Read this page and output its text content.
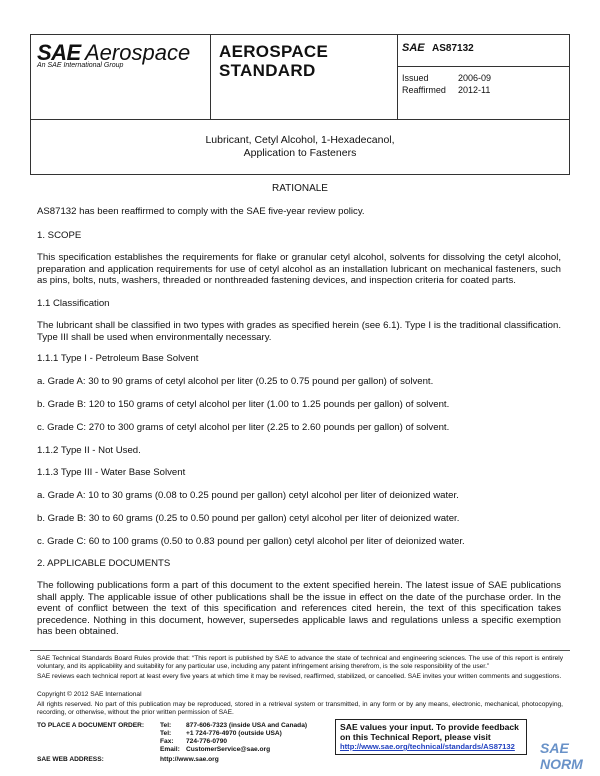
SAE Aerospace
An SAE International Group
AEROSPACE
STANDARD
SAE AS87132
Issued	2006-09
Reaffirmed 2012-11
Lubricant, Cetyl Alcohol, 1-Hexadecanol,
Application to Fasteners
RATIONALE
AS87132 has been reaffirmed to comply with the SAE five-year review policy.
1. SCOPE
This specification establishes the requirements for flake or granular cetyl alcohol, solvents for dissolving the cetyl alcohol, preparation and application requirements for use of cetyl alcohol as an installation lubricant on mechanical fasteners, such as pins, bolts, nuts, washers, threaded or nonthreaded fastening devices, and inspection criteria for coated parts.
1.1 Classification
The lubricant shall be classified in two types with grades as specified herein (see 6.1). Type I is the traditional classification. Type III shall be used when environmentally necessary.
1.1.1 Type I - Petroleum Base Solvent
a. Grade A: 30 to 90 grams of cetyl alcohol per liter (0.25 to 0.75 pound per gallon) of solvent.
b. Grade B: 120 to 150 grams of cetyl alcohol per liter (1.00 to 1.25 pounds per gallon) of solvent.
c. Grade C: 270 to 300 grams of cetyl alcohol per liter (2.25 to 2.60 pounds per gallon) of solvent.
1.1.2 Type II - Not Used.
1.1.3 Type III - Water Base Solvent
a. Grade A: 10 to 30 grams (0.08 to 0.25 pound per gallon) cetyl alcohol per liter of deionized water.
b. Grade B: 30 to 60 grams (0.25 to 0.50 pound per gallon) cetyl alcohol per liter of deionized water.
c. Grade C: 60 to 100 grams (0.50 to 0.83 pound per gallon) cetyl alcohol per liter of deionized water.
2. APPLICABLE DOCUMENTS
The following publications form a part of this document to the extent specified herein. The latest issue of SAE publications shall apply. The applicable issue of other publications shall be the issue in effect on the date of the purchase order. In the event of conflict between the text of this specification and references cited herein, the text of this specification takes precedence. Nothing in this document, however, supersedes applicable laws and regulations unless a specific exemption has been obtained.
SAE Technical Standards Board Rules provide that: “This report is published by SAE to advance the state of technical and engineering sciences. The use of this report is entirely voluntary, and its applicability and suitability for any particular use, including any patent infringement arising therefrom, is the sole responsibility of the user.”
SAE reviews each technical report at least every five years at which time it may be revised, reaffirmed, stabilized, or cancelled. SAE invites your written comments and suggestions.
Copyright © 2012 SAE International
All rights reserved. No part of this publication may be reproduced, stored in a retrieval system or transmitted, in any form or by any means, electronic, mechanical, photocopying, recording, or otherwise, without the prior written permission of SAE.
TO PLACE A DOCUMENT ORDER: Tel: 877-606-7323 (inside USA and Canada)
Tel: +1 724-776-4970 (outside USA)
Fax: 724-776-0790
Email: CustomerService@sae.org
SAE WEB ADDRESS:	http://www.sae.org
SAE values your input. To provide feedback
on this Technical Report, please visit
http://www.sae.org/technical/standards/AS87132	SAE NORM
